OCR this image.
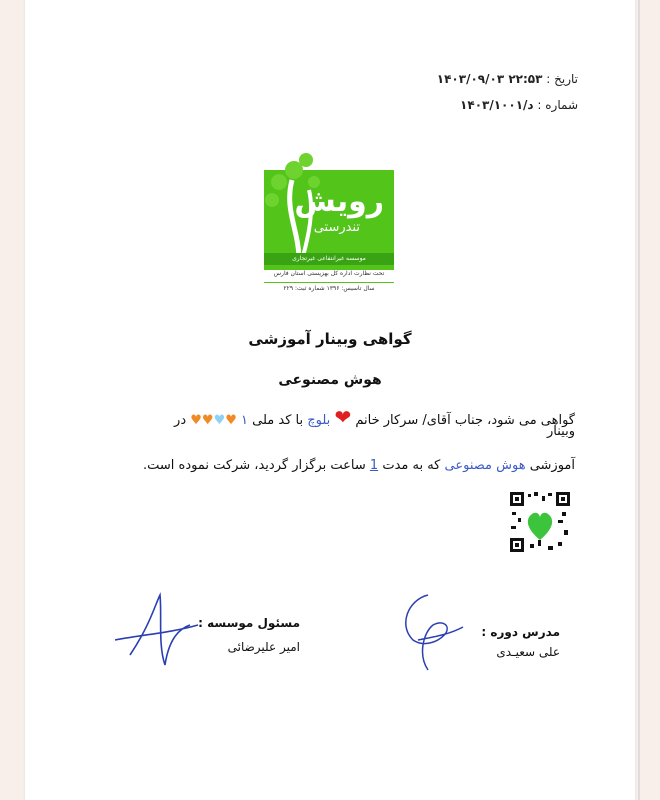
تاریخ : ۲۲:۵۳ ۱۴۰۳/۰۹/۰۳
شماره : د/۱۴۰۳/۱۰۰۱
رویش
تندرستی
موسسه غیرانتفاعی غیرتجاری
تحت نظارت اداره کل بهزیستی استان فارس
سال تاسیس: ۱۳۹۶ شماره ثبت: ۲۲۹
گواهی وبینار آموزشی
هوش مصنوعی
گواهی می شود، جناب آقای/ سرکار خانم ❤ بلوچ با کد ملی ۱ ♥♥♥♥ در
وبینار
آموزشی هوش مصنوعی که به مدت 1 ساعت برگزار گردید، شرکت نموده است.
مسئول موسسه :
امیر علیرضائی
مدرس دوره :
علی سعیـدی
